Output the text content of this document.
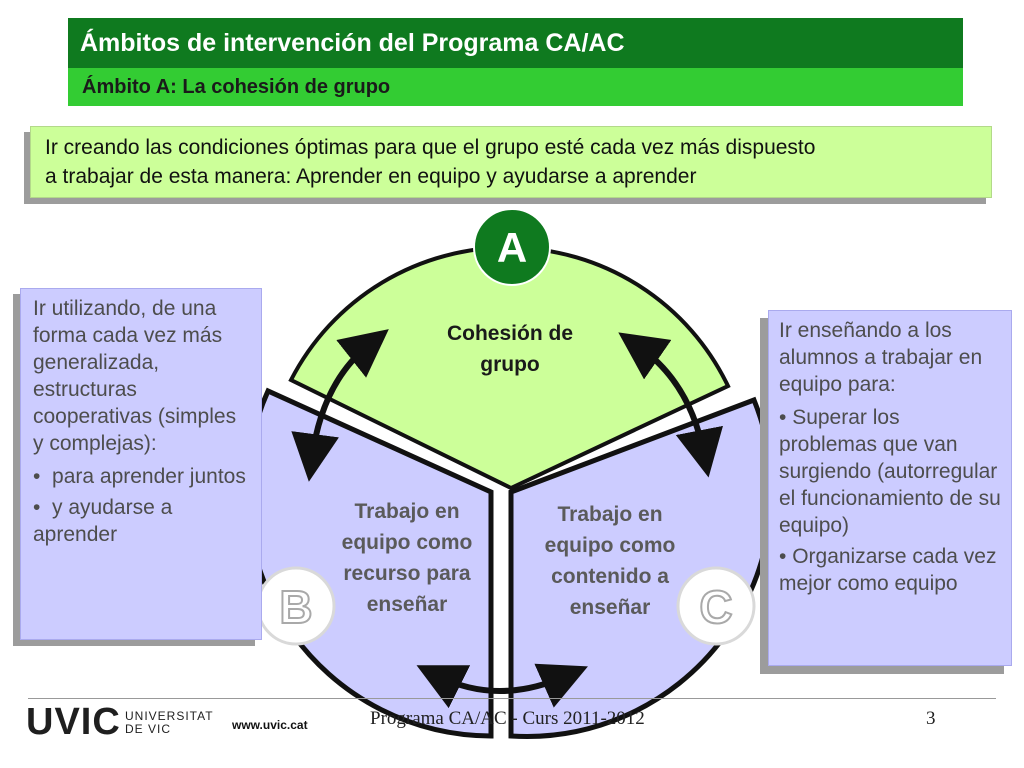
Ámbitos de intervención del Programa CA/AC
Ámbito A: La cohesión de grupo
Ir creando las condiciones óptimas para que el grupo esté cada vez más dispuesto
a trabajar de esta manera: Aprender en equipo y ayudarse a aprender
A
B	C
Cohesión de
grupo
Trabajo en
equipo como
recurso para
enseñar
Trabajo en
equipo como
contenido a
enseñar

Ir utilizando, de una forma cada vez más generalizada, estructuras cooperativas (simples y complejas):

•  para aprender juntos

•  y ayudarse a aprender

Ir enseñando a los alumnos a trabajar en equipo para:

• Superar los problemas que van surgiendo (autorregular el funcionamiento de su equipo)

• Organizarse cada vez mejor como equipo

UVIC UNIVERSITAT
DE VIC	www.uvic.cat	Programa CA/AC - Curs 2011-2012	3
